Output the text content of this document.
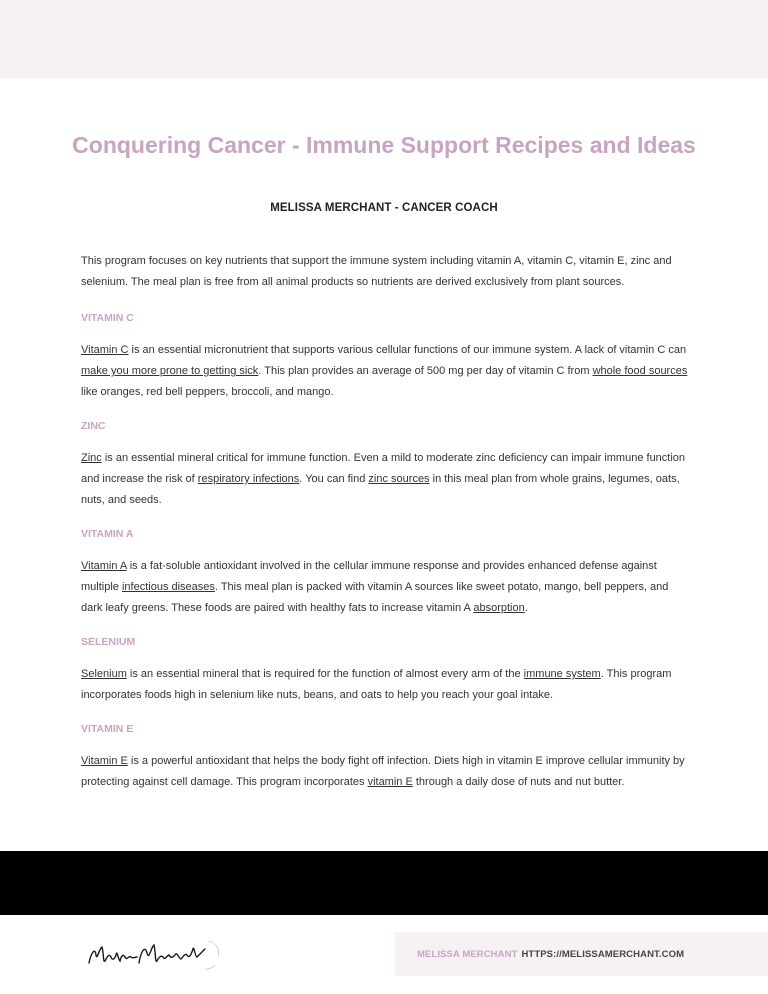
Conquering Cancer - Immune Support Recipes and Ideas
MELISSA MERCHANT - CANCER COACH

This program focuses on key nutrients that support the immune system including vitamin A, vitamin C, vitamin E, zinc and selenium. The meal plan is free from all animal products so nutrients are derived exclusively from plant sources.

VITAMIN C

Vitamin C is an essential micronutrient that supports various cellular functions of our immune system. A lack of vitamin C can make you more prone to getting sick. This plan provides an average of 500 mg per day of vitamin C from whole food sources like oranges, red bell peppers, broccoli, and mango.

ZINC

Zinc is an essential mineral critical for immune function. Even a mild to moderate zinc deficiency can impair immune function and increase the risk of respiratory infections. You can find zinc sources in this meal plan from whole grains, legumes, oats, nuts, and seeds.

VITAMIN A

Vitamin A is a fat-soluble antioxidant involved in the cellular immune response and provides enhanced defense against multiple infectious diseases. This meal plan is packed with vitamin A sources like sweet potato, mango, bell peppers, and dark leafy greens. These foods are paired with healthy fats to increase vitamin A absorption.

SELENIUM

Selenium is an essential mineral that is required for the function of almost every arm of the immune system. This program incorporates foods high in selenium like nuts, beans, and oats to help you reach your goal intake.

VITAMIN E

Vitamin E is a powerful antioxidant that helps the body fight off infection. Diets high in vitamin E improve cellular immunity by protecting against cell damage. This program incorporates vitamin E through a daily dose of nuts and nut butter.

MELISSA MERCHANT HTTPS://MELISSAMERCHANT.COM
